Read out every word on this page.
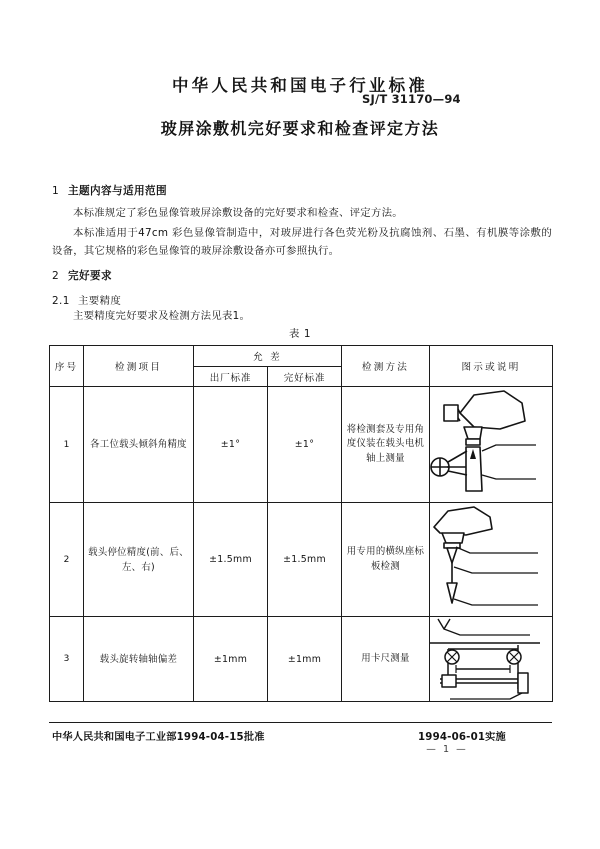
中华人民共和国电子行业标准
SJ/T 31170—94
玻屏涂敷机完好要求和检查评定方法
1 主题内容与适用范围
本标准规定了彩色显像管玻屏涂敷设备的完好要求和检查、评定方法。
本标准适用于47cm 彩色显像管制造中，对玻屏进行各色荧光粉及抗腐蚀剂、石墨、有机膜等涂敷的设备，其它规格的彩色显像管的玻屏涂敷设备亦可参照执行。
2 完好要求
2.1 主要精度
主要精度完好要求及检测方法见表1。
表 1
序号	检测项目	允 差		检测方法	图示或说明
		出厂标准	完好标准		
1	各工位载头倾斜角精度	±1°	±1°	将检测套及专用角度仪装在载头电机轴上测量	

2	载头停位精度(前、后、左、右)	±1.5mm	±1.5mm	用专用的横纵座标板检测	

3	载头旋转轴轴偏差	±1mm	±1mm	用卡尺测量	
中华人民共和国电子工业部1994-04-15批准	1994-06-01实施
— 1 —
